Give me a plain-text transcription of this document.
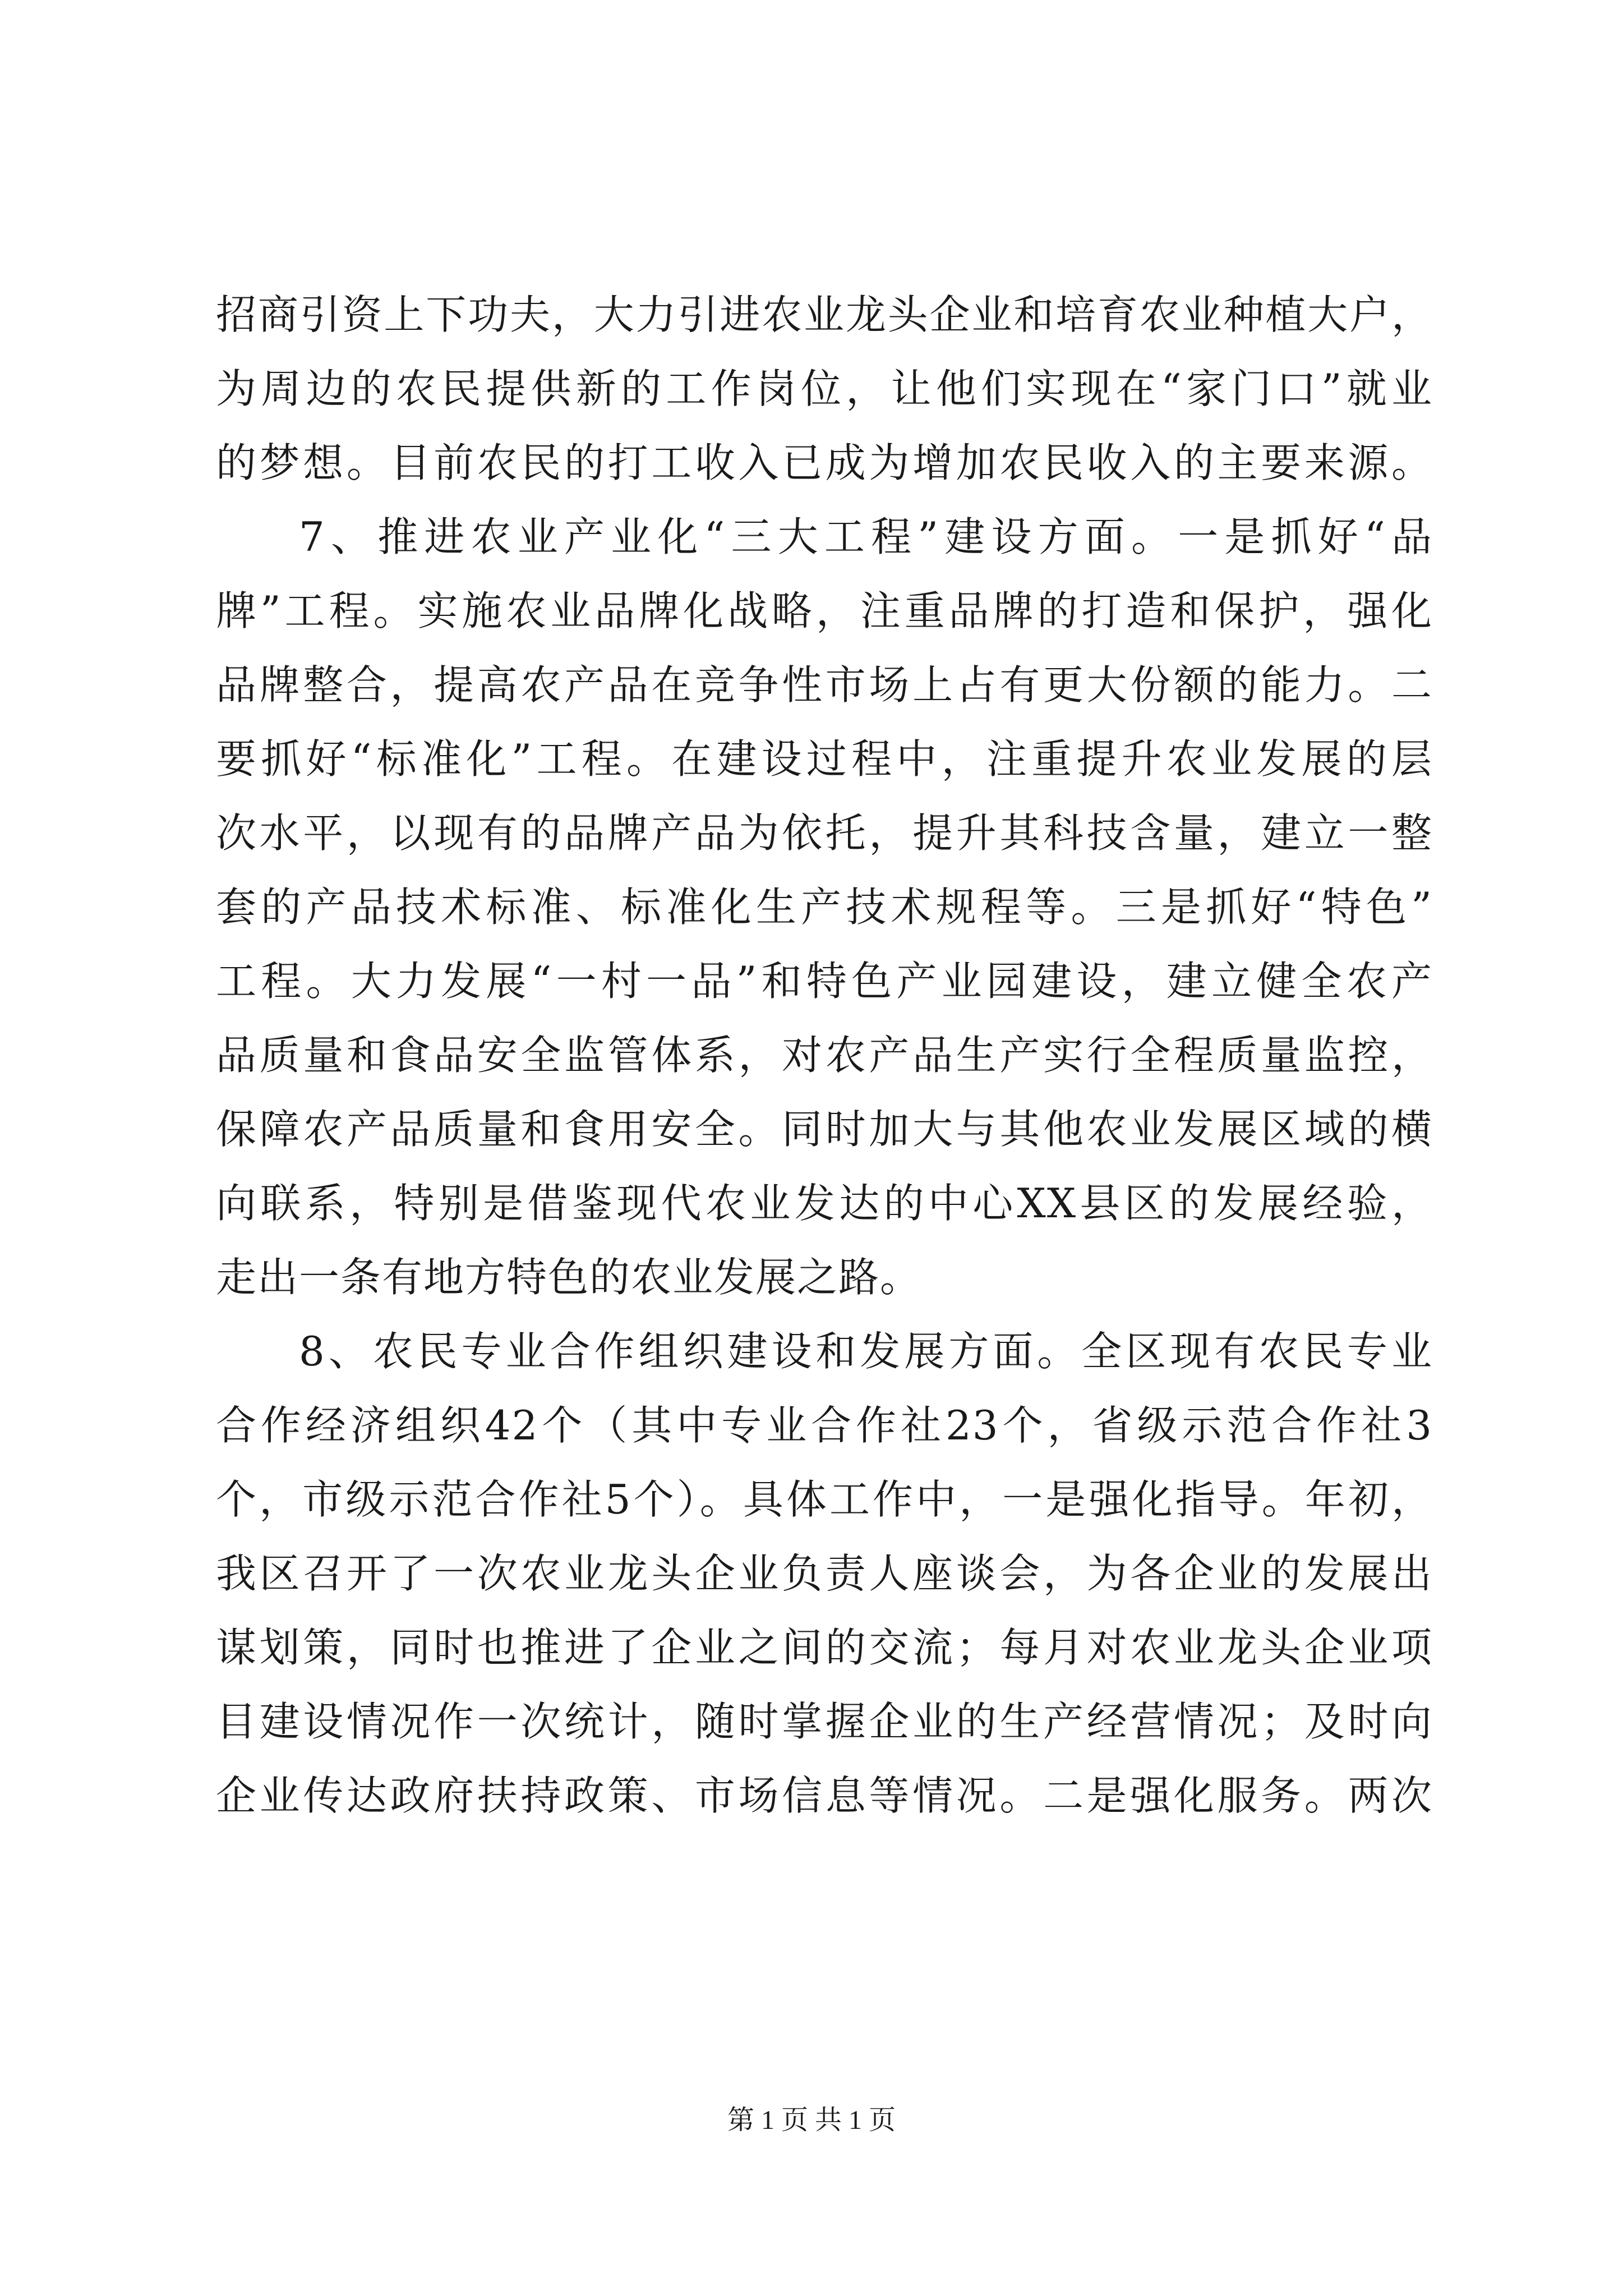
招商引资上下功夫，大力引进农业龙头企业和培育农业种植大户，
为周边的农民提供新的工作岗位，让他们实现在“家门口”就业
的梦想。目前农民的打工收入已成为增加农民收入的主要来源。
7、推进农业产业化“三大工程”建设方面。一是抓好“品
牌”工程。实施农业品牌化战略，注重品牌的打造和保护，强化
品牌整合，提高农产品在竞争性市场上占有更大份额的能力。二
要抓好“标准化”工程。在建设过程中，注重提升农业发展的层
次水平，以现有的品牌产品为依托，提升其科技含量，建立一整
套的产品技术标准、标准化生产技术规程等。三是抓好“特色”
工程。大力发展“一村一品”和特色产业园建设，建立健全农产
品质量和食品安全监管体系，对农产品生产实行全程质量监控，
保障农产品质量和食用安全。同时加大与其他农业发展区域的横
向联系，特别是借鉴现代农业发达的中心XX县区的发展经验，
走出一条有地方特色的农业发展之路。
8、农民专业合作组织建设和发展方面。全区现有农民专业
合作经济组织42个（其中专业合作社23个，省级示范合作社3
个，市级示范合作社5个）。具体工作中，一是强化指导。年初，
我区召开了一次农业龙头企业负责人座谈会，为各企业的发展出
谋划策，同时也推进了企业之间的交流；每月对农业龙头企业项
目建设情况作一次统计，随时掌握企业的生产经营情况；及时向
企业传达政府扶持政策、市场信息等情况。二是强化服务。两次
第 1 页 共 1 页
